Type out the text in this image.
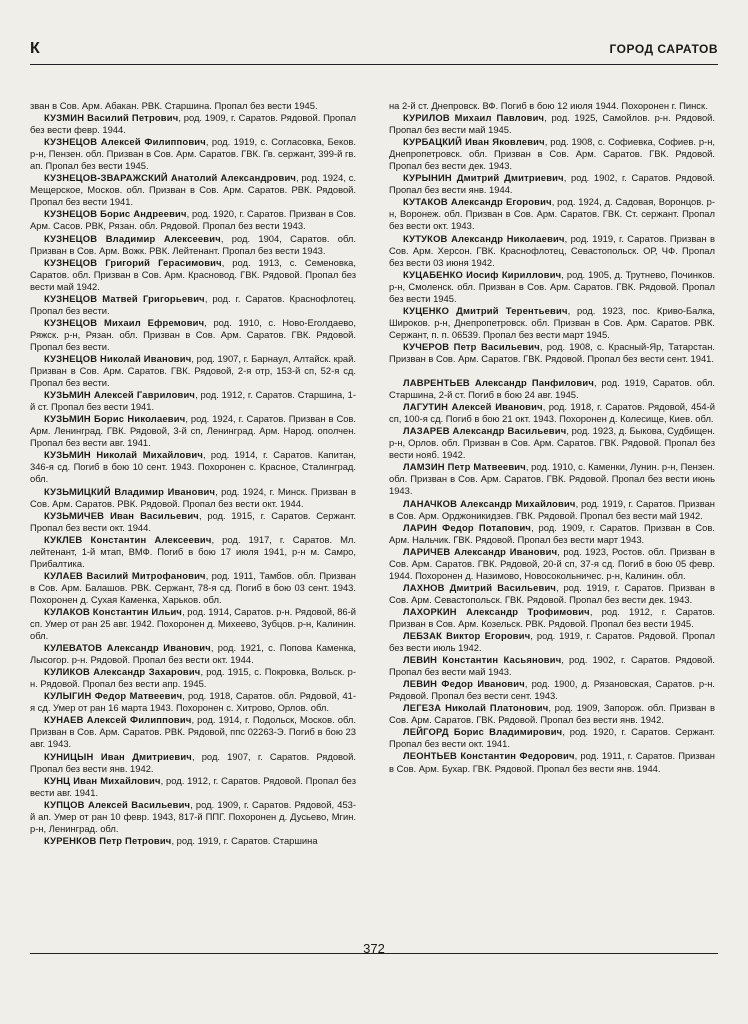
К	ГОРОД САРАТОВ

зван в Сов. Арм. Абакан. РВК. Старшина. Пропал без вести 1945.

КУЗМИН Василий Петрович, род. 1909, г. Саратов. Рядовой. Пропал без вести февр. 1944.

КУЗНЕЦОВ Алексей Филиппович, род. 1919, с. Согласовка, Беков. р-н, Пензен. обл. Призван в Сов. Арм. Саратов. ГВК. Гв. сержант, 399-й гв. ап. Пропал без вести 1945.

КУЗНЕЦОВ-ЗВАРАЖСКИЙ Анатолий Александрович, род. 1924, с. Мещерское, Москов. обл. Призван в Сов. Арм. Саратов. РВК. Рядовой. Пропал без вести 1941.

КУЗНЕЦОВ Борис Андреевич, род. 1920, г. Саратов. Призван в Сов. Арм. Сасов. РВК, Рязан. обл. Рядовой. Пропал без вести 1943.

КУЗНЕЦОВ Владимир Алексеевич, род. 1904, Саратов. обл. Призван в Сов. Арм. Вожк. РВК. Лейтенант. Пропал без вести 1943.

КУЗНЕЦОВ Григорий Герасимович, род. 1913, с. Семеновка, Саратов. обл. Призван в Сов. Арм. Красновод. ГВК. Рядовой. Пропал без вести май 1942.

КУЗНЕЦОВ Матвей Григорьевич, род. г. Саратов. Краснофлотец. Пропал без вести.

КУЗНЕЦОВ Михаил Ефремович, род. 1910, с. Ново-Еголдаево, Ряжск. р-н, Рязан. обл. Призван в Сов. Арм. Саратов. ГВК. Рядовой. Пропал без вести.

КУЗНЕЦОВ Николай Иванович, род. 1907, г. Барнаул, Алтайск. край. Призван в Сов. Арм. Саратов. ГВК. Рядовой, 2-я отр, 153-й сп, 52-я сд. Пропал без вести.

КУЗЬМИН Алексей Гаврилович, род. 1912, г. Саратов. Старшина, 1-й ст. Пропал без вести 1941.

КУЗЬМИН Борис Николаевич, род. 1924, г. Саратов. Призван в Сов. Арм. Ленинград. ГВК. Рядовой, 3-й сп, Ленинград. Арм. Народ. ополчен. Пропал без вести авг. 1941.

КУЗЬМИН Николай Михайлович, род. 1914, г. Саратов. Капитан, 346-я сд. Погиб в бою 10 сент. 1943. Похоронен с. Красное, Сталинград. обл.

КУЗЬМИЦКИЙ Владимир Иванович, род. 1924, г. Минск. Призван в Сов. Арм. Саратов. РВК. Рядовой. Пропал без вести окт. 1944.

КУЗЬМИЧЕВ Иван Васильевич, род. 1915, г. Саратов. Сержант. Пропал без вести окт. 1944.

КУКЛЕВ Константин Алексеевич, род. 1917, г. Саратов. Мл. лейтенант, 1-й мтап, ВМФ. Погиб в бою 17 июля 1941, р-н м. Самро, Прибалтика.

КУЛАЕВ Василий Митрофанович, род. 1911, Тамбов. обл. Призван в Сов. Арм. Балашов. РВК. Сержант, 78-я сд. Погиб в бою 03 сент. 1943. Похоронен д. Сухая Каменка, Харьков. обл.

КУЛАКОВ Константин Ильич, род. 1914, Саратов. р-н. Рядовой, 86-й сп. Умер от ран 25 авг. 1942. Похоронен д. Михеево, Зубцов. р-н, Калинин. обл.

КУЛЕВАТОВ Александр Иванович, род. 1921, с. Попова Каменка, Лысогор. р-н. Рядовой. Пропал без вести окт. 1944.

КУЛИКОВ Александр Захарович, род. 1915, с. Покровка, Вольск. р-н. Рядовой. Пропал без вести апр. 1945.

КУЛЫГИН Федор Матвеевич, род. 1918, Саратов. обл. Рядовой, 41-я сд. Умер от ран 16 марта 1943. Похоронен с. Хитрово, Орлов. обл.

КУНАЕВ Алексей Филиппович, род. 1914, г. Подольск, Москов. обл. Призван в Сов. Арм. Саратов. РВК. Рядовой, ппс 02263-Э. Погиб в бою 23 авг. 1943.

КУНИЦЫН Иван Дмитриевич, род. 1907, г. Саратов. Рядовой. Пропал без вести янв. 1942.

КУНЦ Иван Михайлович, род. 1912, г. Саратов. Рядовой. Пропал без вести авг. 1941.

КУПЦОВ Алексей Васильевич, род. 1909, г. Саратов. Рядовой, 453-й ап. Умер от ран 10 февр. 1943, 817-й ППГ. Похоронен д. Дусьево, Мгин. р-н, Ленинград. обл.

КУРЕНКОВ Петр Петрович, род. 1919, г. Саратов. Старшина

на 2-й ст. Днепровск. ВФ. Погиб в бою 12 июля 1944. Похоронен г. Пинск.

КУРИЛОВ Михаил Павлович, род. 1925, Самойлов. р-н. Рядовой. Пропал без вести май 1945.

КУРБАЦКИЙ Иван Яковлевич, род. 1908, с. Софиевка, Софиев. р-н, Днепропетровск. обл. Призван в Сов. Арм. Саратов. ГВК. Рядовой. Пропал без вести дек. 1943.

КУРЫНИН Дмитрий Дмитриевич, род. 1902, г. Саратов. Рядовой. Пропал без вести янв. 1944.

КУТАКОВ Александр Егорович, род. 1924, д. Садовая, Воронцов. р-н, Воронеж. обл. Призван в Сов. Арм. Саратов. ГВК. Ст. сержант. Пропал без вести окт. 1943.

КУТУКОВ Александр Николаевич, род. 1919, г. Саратов. Призван в Сов. Арм. Херсон. ГВК. Краснофлотец, Севастопольск. ОР, ЧФ. Пропал без вести 03 июня 1942.

КУЦАБЕНКО Иосиф Кириллович, род. 1905, д. Трутнево, Починков. р-н, Смоленск. обл. Призван в Сов. Арм. Саратов. ГВК. Рядовой. Пропал без вести 1945.

КУЦЕНКО Дмитрий Терентьевич, род. 1923, пос. Криво-Балка, Широков. р-н, Днепропетровск. обл. Призван в Сов. Арм. Саратов. РВК. Сержант, п. п. 06539. Пропал без вести март 1945.

КУЧЕРОВ Петр Васильевич, род. 1908, с. Красный-Яр, Татарстан. Призван в Сов. Арм. Саратов. ГВК. Рядовой. Пропал без вести сент. 1941.

ЛАВРЕНТЬЕВ Александр Панфилович, род. 1919, Саратов. обл. Старшина, 2-й ст. Погиб в бою 24 авг. 1945.

ЛАГУТИН Алексей Иванович, род. 1918, г. Саратов. Рядовой, 454-й сп, 100-я сд. Погиб в бою 21 окт. 1943. Похоронен д. Колесище, Киев. обл.

ЛАЗАРЕВ Александр Васильевич, род. 1923, д. Быкова, Судбищен. р-н, Орлов. обл. Призван в Сов. Арм. Саратов. ГВК. Рядовой. Пропал без вести нояб. 1942.

ЛАМЗИН Петр Матвеевич, род. 1910, с. Каменки, Лунин. р-н, Пензен. обл. Призван в Сов. Арм. Саратов. ГВК. Рядовой. Пропал без вести июнь 1943.

ЛАНАЧКОВ Александр Михайлович, род. 1919, г. Саратов. Призван в Сов. Арм. Орджоникидзев. ГВК. Рядовой. Пропал без вести май 1942.

ЛАРИН Федор Потапович, род. 1909, г. Саратов. Призван в Сов. Арм. Нальчик. ГВК. Рядовой. Пропал без вести март 1943.

ЛАРИЧЕВ Александр Иванович, род. 1923, Ростов. обл. Призван в Сов. Арм. Саратов. ГВК. Рядовой, 20-й сп, 37-я сд. Погиб в бою 05 февр. 1944. Похоронен д. Назимово, Новосокольничес. р-н, Калинин. обл.

ЛАХНОВ Дмитрий Васильевич, род. 1919, г. Саратов. Призван в Сов. Арм. Севастопольск. ГВК. Рядовой. Пропал без вести дек. 1943.

ЛАХОРКИН Александр Трофимович, род. 1912, г. Саратов. Призван в Сов. Арм. Козельск. РВК. Рядовой. Пропал без вести 1945.

ЛЕБЗАК Виктор Егорович, род. 1919, г. Саратов. Рядовой. Пропал без вести июль 1942.

ЛЕВИН Константин Касьянович, род. 1902, г. Саратов. Рядовой. Пропал без вести май 1943.

ЛЕВИН Федор Иванович, род. 1900, д. Рязановская, Саратов. р-н. Рядовой. Пропал без вести сент. 1943.

ЛЕГЕЗА Николай Платонович, род. 1909, Запорож. обл. Призван в Сов. Арм. Саратов. ГВК. Рядовой. Пропал без вести янв. 1942.

ЛЕЙГОРД Борис Владимирович, род. 1920, г. Саратов. Сержант. Пропал без вести окт. 1941.

ЛЕОНТЬЕВ Константин Федорович, род. 1911, г. Саратов. Призван в Сов. Арм. Бухар. ГВК. Рядовой. Пропал без вести янв. 1944.

372
